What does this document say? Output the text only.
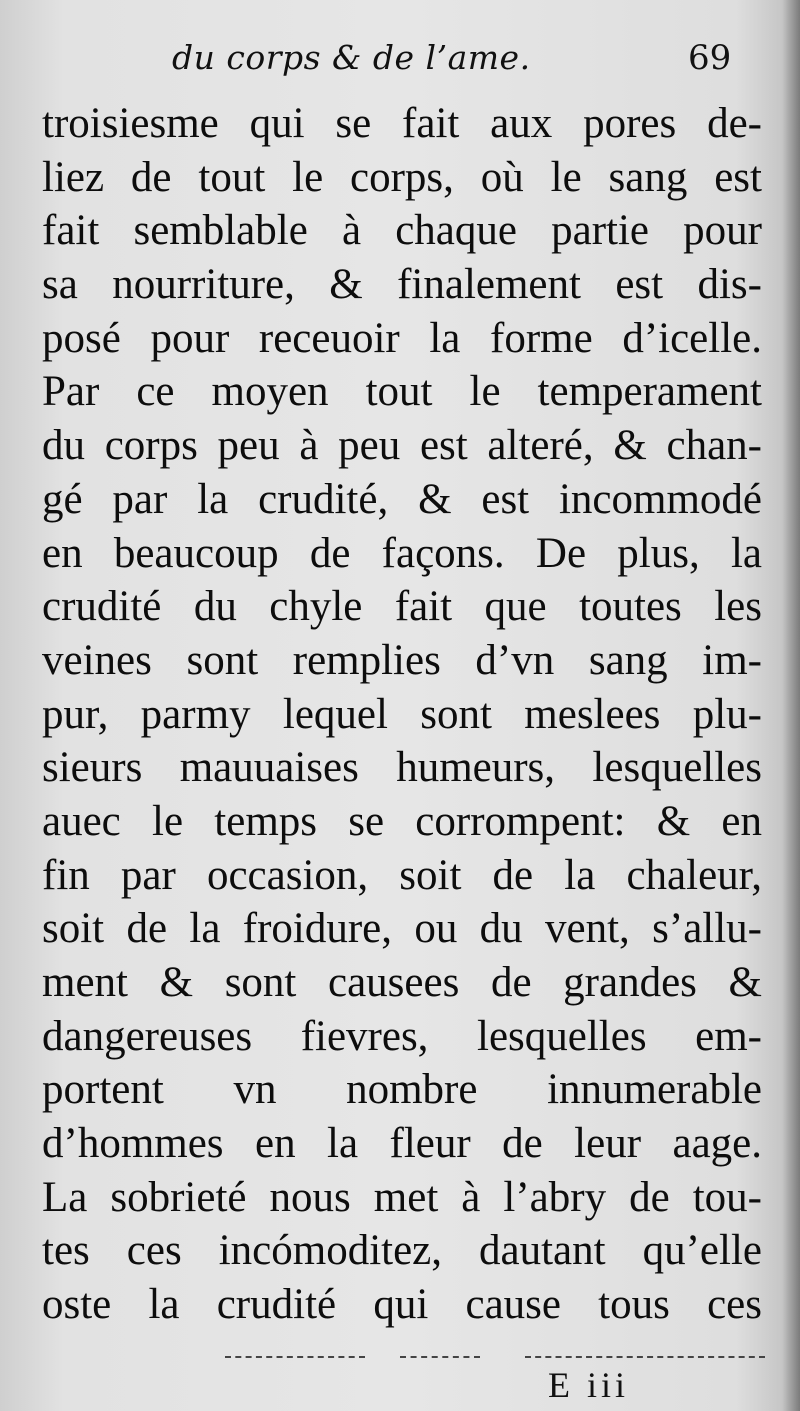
du corps & de l’ame.	69
troisiesme qui se fait aux pores de-
liez de tout le corps, où le sang est
fait semblable à chaque partie pour
sa nourriture, & finalement est dis-
posé pour receuoir la forme d’icelle.
Par ce moyen tout le temperament
du corps peu à peu est alteré, & chan-
gé par la crudité, & est incommodé
en beaucoup de façons. De plus, la
crudité du chyle fait que toutes les
veines sont remplies d’vn sang im-
pur, parmy lequel sont meslees plu-
sieurs mauuaises humeurs, lesquelles
auec le temps se corrompent: & en
fin par occasion, soit de la chaleur,
soit de la froidure, ou du vent, s’allu-
ment & sont causees de grandes &
dangereuses fievres, lesquelles em-
portent vn nombre innumerable
d’hommes en la fleur de leur aage.
La sobrieté nous met à l’abry de tou-
tes ces incómoditez, dautant qu’elle
oste la crudité qui cause tous ces
E iii
